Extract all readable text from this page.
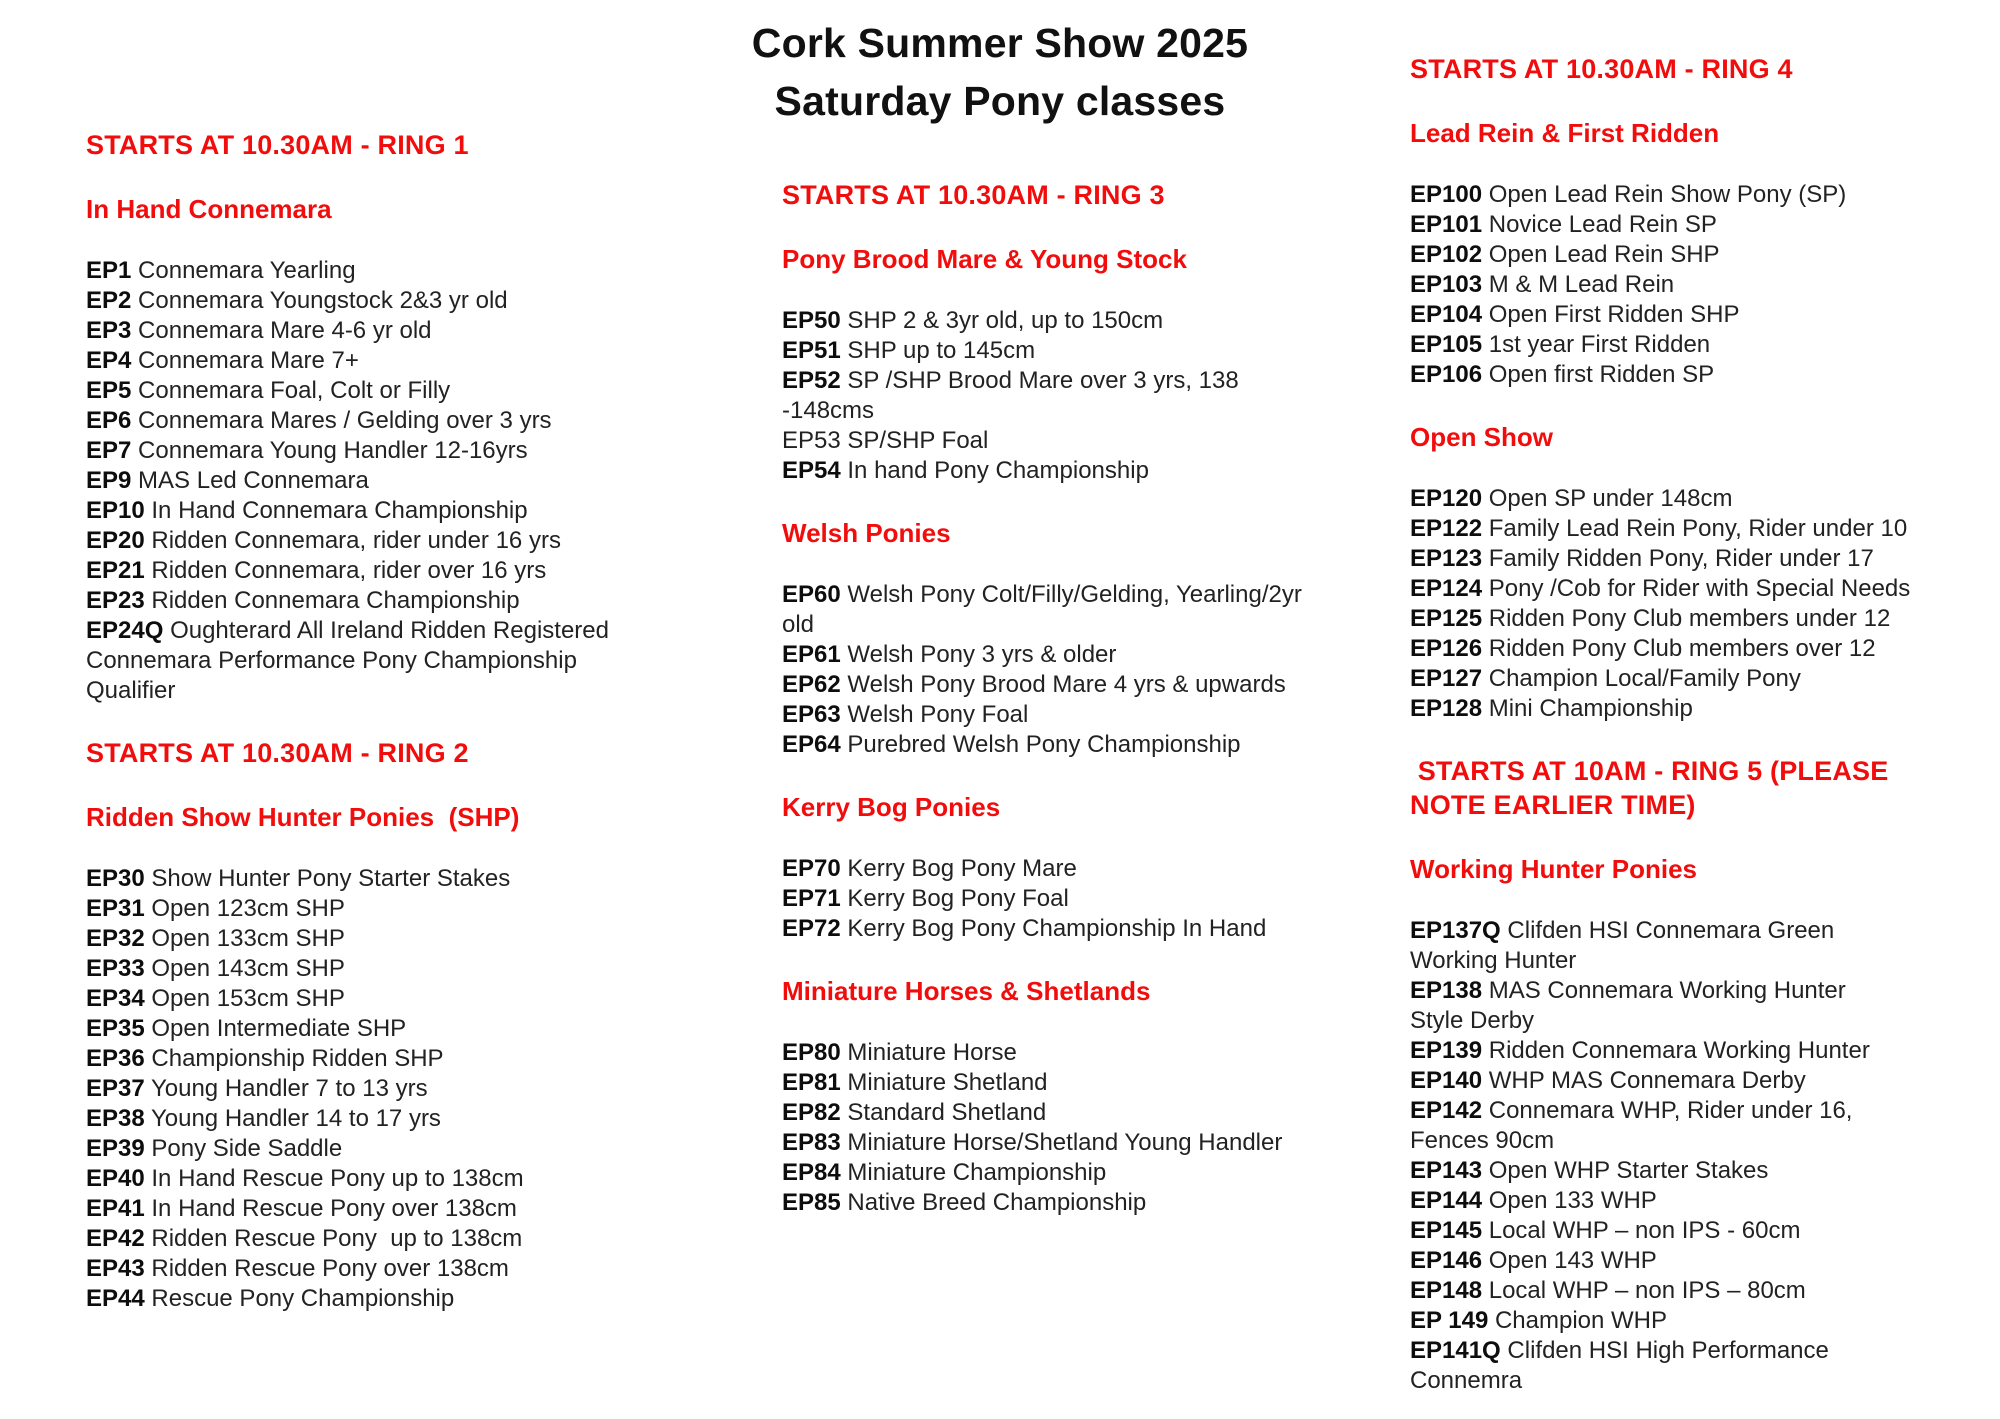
Cork Summer Show 2025
Saturday Pony classes
STARTS AT 10.30AM - RING 1
In Hand Connemara
EP1 Connemara Yearling
EP2 Connemara Youngstock 2&3 yr old
EP3 Connemara Mare 4-6 yr old
EP4 Connemara Mare 7+
EP5 Connemara Foal, Colt or Filly
EP6 Connemara Mares / Gelding over 3 yrs
EP7 Connemara Young Handler 12-16yrs
EP9 MAS Led Connemara
EP10 In Hand Connemara Championship
EP20 Ridden Connemara, rider under 16 yrs
EP21 Ridden Connemara, rider over 16 yrs
EP23 Ridden Connemara Championship
EP24Q Oughterard All Ireland Ridden Registered
Connemara Performance Pony Championship
Qualifier
STARTS AT 10.30AM - RING 2
Ridden Show Hunter Ponies  (SHP)
EP30 Show Hunter Pony Starter Stakes
EP31 Open 123cm SHP
EP32 Open 133cm SHP
EP33 Open 143cm SHP
EP34 Open 153cm SHP
EP35 Open Intermediate SHP
EP36 Championship Ridden SHP
EP37 Young Handler 7 to 13 yrs
EP38 Young Handler 14 to 17 yrs
EP39 Pony Side Saddle
EP40 In Hand Rescue Pony up to 138cm
EP41 In Hand Rescue Pony over 138cm
EP42 Ridden Rescue Pony  up to 138cm
EP43 Ridden Rescue Pony over 138cm
EP44 Rescue Pony Championship
STARTS AT 10.30AM - RING 3
Pony Brood Mare & Young Stock
EP50 SHP 2 & 3yr old, up to 150cm
EP51 SHP up to 145cm
EP52 SP /SHP Brood Mare over 3 yrs, 138
-148cms
EP53 SP/SHP Foal
EP54 In hand Pony Championship
Welsh Ponies
EP60 Welsh Pony Colt/Filly/Gelding, Yearling/2yr
old
EP61 Welsh Pony 3 yrs & older
EP62 Welsh Pony Brood Mare 4 yrs & upwards
EP63 Welsh Pony Foal
EP64 Purebred Welsh Pony Championship
Kerry Bog Ponies
EP70 Kerry Bog Pony Mare
EP71 Kerry Bog Pony Foal
EP72 Kerry Bog Pony Championship In Hand
Miniature Horses & Shetlands
EP80 Miniature Horse
EP81 Miniature Shetland
EP82 Standard Shetland
EP83 Miniature Horse/Shetland Young Handler
EP84 Miniature Championship
EP85 Native Breed Championship
STARTS AT 10.30AM - RING 4
Lead Rein & First Ridden
EP100 Open Lead Rein Show Pony (SP)
EP101 Novice Lead Rein SP
EP102 Open Lead Rein SHP
EP103 M & M Lead Rein
EP104 Open First Ridden SHP
EP105 1st year First Ridden
EP106 Open first Ridden SP
Open Show
EP120 Open SP under 148cm
EP122 Family Lead Rein Pony, Rider under 10
EP123 Family Ridden Pony, Rider under 17
EP124 Pony /Cob for Rider with Special Needs
EP125 Ridden Pony Club members under 12
EP126 Ridden Pony Club members over 12
EP127 Champion Local/Family Pony
EP128 Mini Championship
STARTS AT 10AM - RING 5 (PLEASE
NOTE EARLIER TIME)
Working Hunter Ponies
EP137Q Clifden HSI Connemara Green
Working Hunter
EP138 MAS Connemara Working Hunter
Style Derby
EP139 Ridden Connemara Working Hunter
EP140 WHP MAS Connemara Derby
EP142 Connemara WHP, Rider under 16,
Fences 90cm
EP143 Open WHP Starter Stakes
EP144 Open 133 WHP
EP145 Local WHP – non IPS - 60cm
EP146 Open 143 WHP
EP148 Local WHP – non IPS – 80cm
EP 149 Champion WHP
EP141Q Clifden HSI High Performance
Connemra
